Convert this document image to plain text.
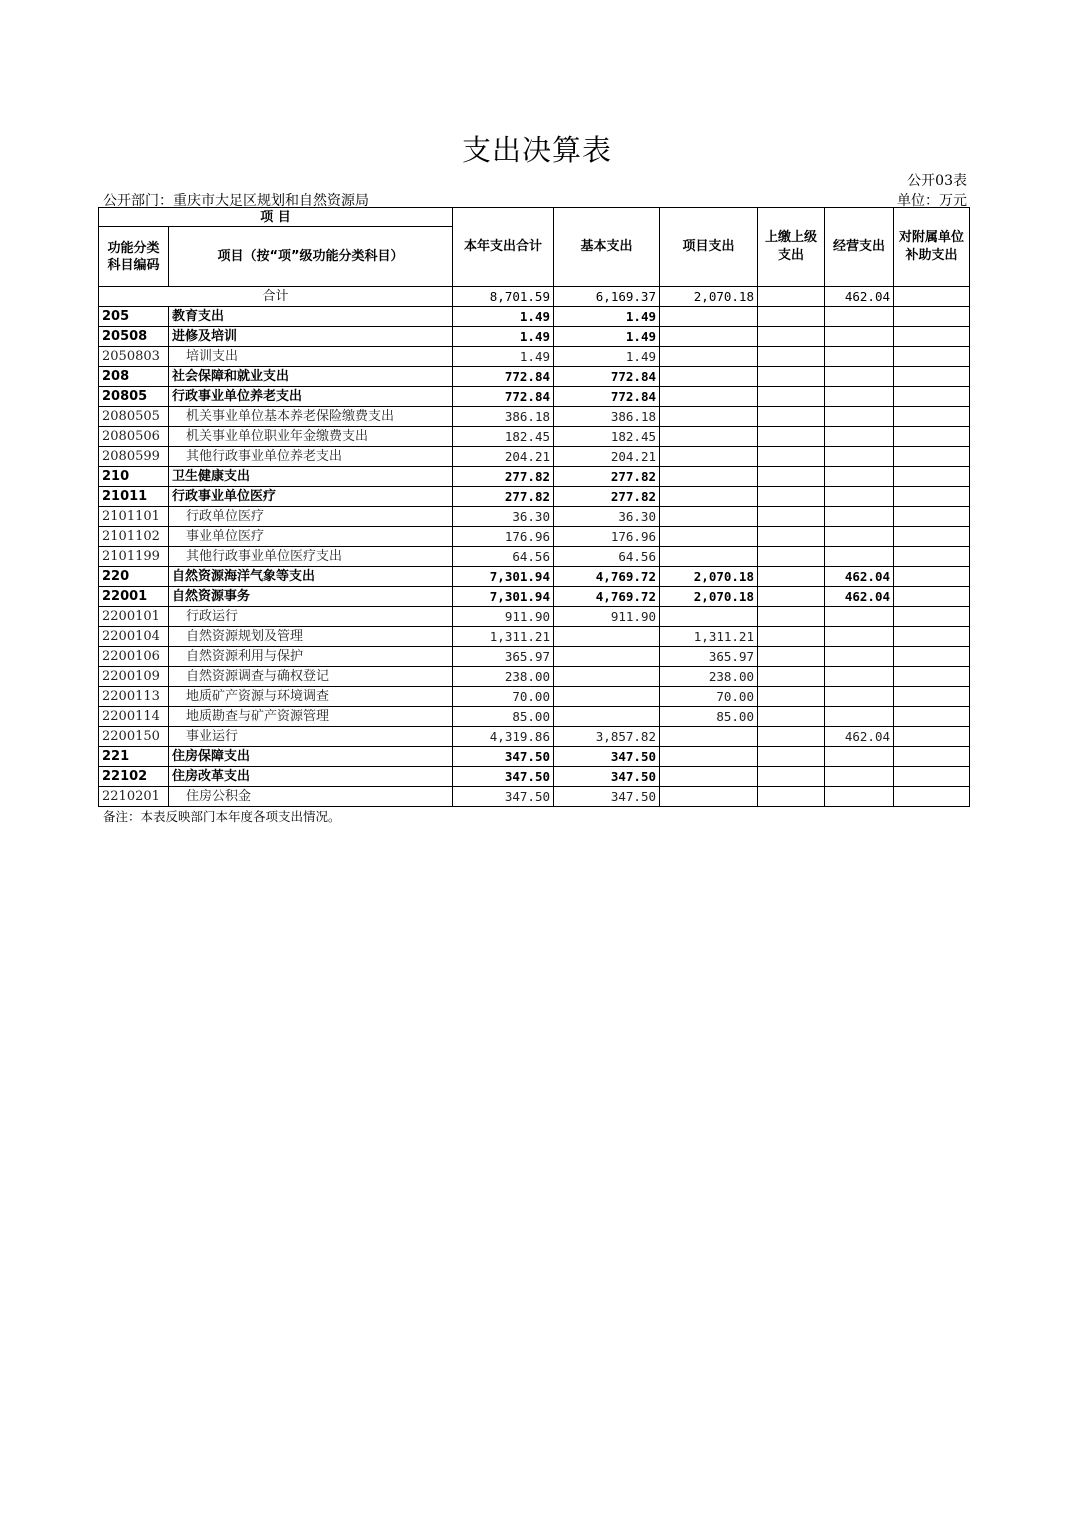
支出决算表
公开03表
公开部门：重庆市大足区规划和自然资源局	单位：万元
项 目		本年支出合计	基本支出	项目支出	上缴上级支出	经营支出	对附属单位补助支出
功能分类科目编码	项目（按“项”级功能分类科目）						
合计		8,701.59	6,169.37	2,070.18		462.04	
205	教育支出	1.49	1.49				
20508	进修及培训	1.49	1.49				
2050803	培训支出	1.49	1.49				
208	社会保障和就业支出	772.84	772.84				
20805	行政事业单位养老支出	772.84	772.84				
2080505	机关事业单位基本养老保险缴费支出	386.18	386.18				
2080506	机关事业单位职业年金缴费支出	182.45	182.45				
2080599	其他行政事业单位养老支出	204.21	204.21				
210	卫生健康支出	277.82	277.82				
21011	行政事业单位医疗	277.82	277.82				
2101101	行政单位医疗	36.30	36.30				
2101102	事业单位医疗	176.96	176.96				
2101199	其他行政事业单位医疗支出	64.56	64.56				
220	自然资源海洋气象等支出	7,301.94	4,769.72	2,070.18		462.04	
22001	自然资源事务	7,301.94	4,769.72	2,070.18		462.04	
2200101	行政运行	911.90	911.90				
2200104	自然资源规划及管理	1,311.21		1,311.21			
2200106	自然资源利用与保护	365.97		365.97			
2200109	自然资源调查与确权登记	238.00		238.00			
2200113	地质矿产资源与环境调查	70.00		70.00			
2200114	地质勘查与矿产资源管理	85.00		85.00			
2200150	事业运行	4,319.86	3,857.82			462.04	
221	住房保障支出	347.50	347.50				
22102	住房改革支出	347.50	347.50				
2210201	住房公积金	347.50	347.50				
备注：本表反映部门本年度各项支出情况。
